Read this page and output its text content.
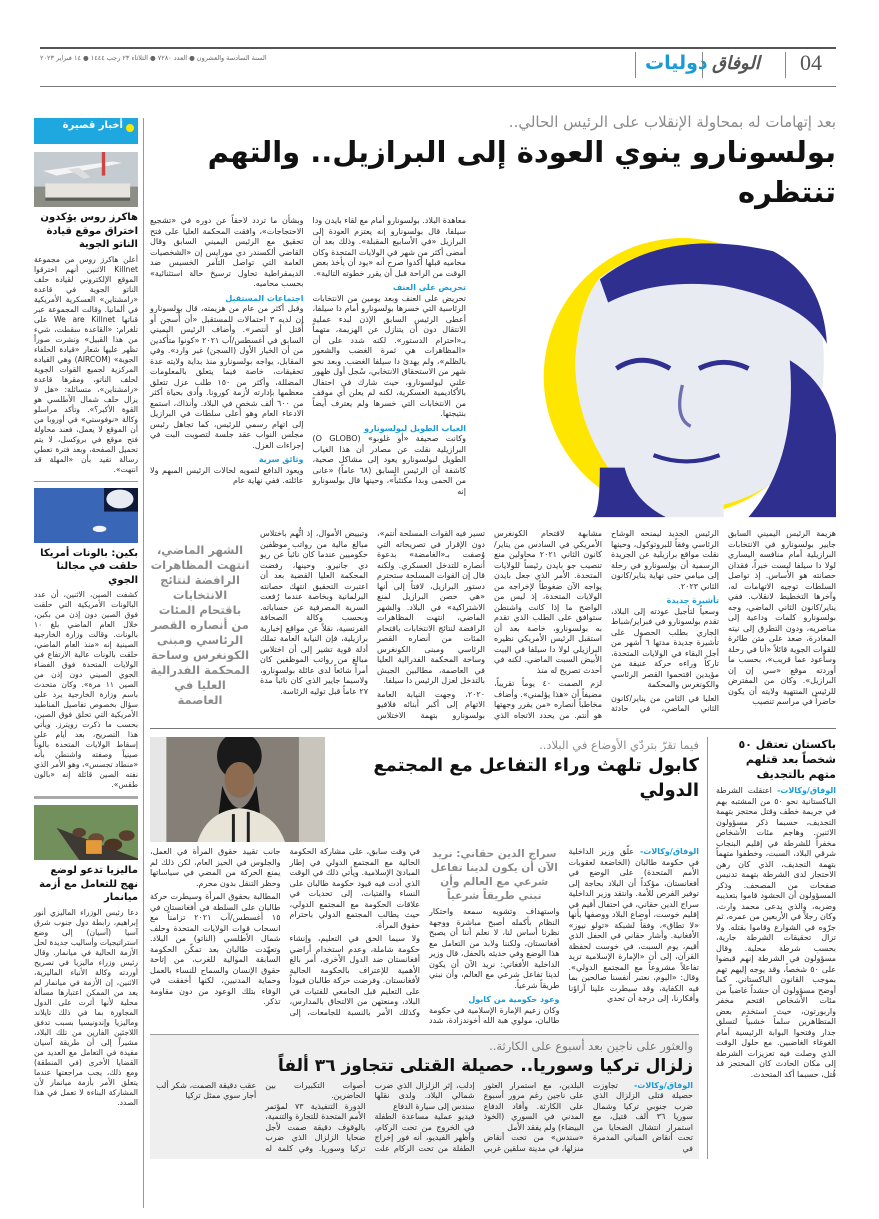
04
الوفاق
دوليات
السنة السادسة والعشرون ● العدد ٧٢٨٠ ● الثلاثاء ٢٣ رجب ١٤٤٤ ● ١٤ فبراير ٢٠٢٣
أخبار قصيرة
هاكرز روس يؤكدون اختراق موقع قيادة الناتو الجوية
أعلن هاكرز روس من مجموعة Killnet الاثنين أنهم اخترقوا الموقع الإلكتروني لقيادة حلف الناتو الجوية في قاعدة «رامشتاين» العسكرية الأمريكية في ألمانيا. وقالت المجموعة عبر قناتها We are Killnet على تلغرام: «القاعدة سقطت، شيء من هذا القبيل» ونشرت صوراً تظهر عليها شعار «قيادة الحلفاء الجوية» (AIRCOM) وهي القيادة المركزية لجميع القوات الجوية لحلف الناتو، ومقرها قاعدة «رامشتاين»، متسائلة: «هل لا يزال حلف شمال الأطلسي هو القوة الأكبر؟». وتأكد مراسلو وكالة «نوفوستي» في أوروبا من أن الموقع لا يعمل، فعند محاولة فتح موقع في بروكسل، لا يتم تحميل الصفحة، وبعد فترة تعطي رسالة تفيد بأن «المهلة قد انتهت».
بكين: بالونات أمريكا حلقت في مجالنا الجوي
كشفت الصين، الاثنين، أن عدد البالونات الأمريكية التي حلقت فوق الصين دون إذن من بكين، خلال العام الماضي بلغ ١٠ بالونات. وقالت وزارة الخارجية الصينية إنه «منذ العام الماضي، حلقت بالونات عالية الارتفاع في الولايات المتحدة فوق الفضاء الجوي الصيني دون إذن من الصين ١١ مرة». وكان متحدث باسم وزارة الخارجية يرد على سؤال بخصوص تفاصيل المناطيد الأمريكية التي تحلق فوق الصين، بحسب ما ذكرت رويترز. ويأتي هذا التصريح، بعد أيام على إسقاط الولايات المتحدة بالوناً صينياً وصفته واشنطن بأنه «منطاد تجسس»، وهو الأمر الذي نفته الصين قائلة إنه «بالون طقس».
ماليزيا تدعو لوضع نهج للتعامل مع أزمة ميانمار
دعا رئيس الوزراء الماليزي أنور إبراهيم، رابطة دول جنوب شرق آسيا (آسيان) إلى وضع استراتيجيات وأساليب جديدة لحل الأزمة الحالية في ميانمار. وقال رئيس وزراء ماليزيا في تصريح أوردته وكالة الأنباء الماليزية، الاثنين، إن الأزمة في ميانمار لم يعد من الممكن اعتبارها مسألة محلية لأنها أثرت على الدول المجاورة بما في ذلك تايلاند وماليزيا وإندونيسيا بسبب تدفق اللاجئين الفارين من تلك البلاد، مشيراً إلى أن طريقة آسيان مفيدة في التعامل مع العديد من القضايا الأخرى (في المنطقة) ومع ذلك، يجب مراجعتها عندما يتعلق الأمر بأزمة ميانمار لأن المشاركة البناءة لا تعمل في هذا الصدد.
بعد إتهامات له بمحاولة الإنقلاب على الرئيس الحالي..
بولسونارو ينوي العودة إلى البرازيل.. والتهم تنتظره
معاهدة البلاد. بولسونارو أمام مع لقاء بايدن ودا سيلفا، قال بولسونارو إنه يعتزم العودة إلى البرازيل «في الأسابيع المقبلة». وذلك بعد أن أمضى أكثر من شهر في الولايات المتحدة وكان محاميه قبلها أكدوا صرح أنه «يود أن يأخذ بعض الوقت من الراحة قبل أن يقرر خطوته التالية».
تحريض على العنف
تحريض على العنف وبعد يومين من الانتخابات الرئاسية التي خسرها بولسونارو أمام دا سيلفا، أعطى الرئيس السابق الإذن لبدء عملية الانتقال دون أن يتنازل عن الهزيمة، متهماً بـ«احترام الدستور». لكنه شدد على أن «المظاهرات هي ثمرة الغضب والشعور بالظلم»، ولم يهدئ دا سيلفا الغضب. وبعد نحو شهر من الاستحقاق الانتخابي، سُجل أول ظهور علني لبولسونارو، حيث شارك في احتفال بالأكاديمية العسكرية، لكنه لم يعلن أي موقف من الانتخابات التي خسرها ولم يعترف أيضاً بنتيجتها.
الغياب الطويل لبولسونارو
وكانت صحيفة «أو غلوبو» (O GLOBO) البرازيلية نقلت عن مصادر أن هذا الغياب الطويل لبولسونارو يعود إلى مشاكل صحية، كاشفة أن الرئيس السابق (٦٨ عاماً) «عانى من الحمى وبدا مكتئباً»، وحينها قال بولسونارو إنه
وبشأن ما تردد لاحقاً عن دوره في «تشجيع الاحتجاجات»، وافقت المحكمة العليا على فتح تحقيق مع الرئيس اليميني السابق وقال القاضي ألكسندر دي مورايس إن «الشخصيات العامة التي تواصل التآمر الخسيس ضد الديمقراطية تحاول ترسيخ حالة استثنائية» بحسب محاميه.
اجتماعات المستقبل
وقبل أكثر من عام من هزيمته، قال بولسونارو إن لديه ٣ احتمالات للمستقبل «أن أُسجن أو أُقتل أو أنتصر». وأضاف الرئيس اليميني السابق في أغسطس/آب ٢٠٢١ «كونوا متأكدين من أن الخيار الأول (السجن) غير وارد». وفي المقابل، يواجه بولسونارو منذ بداية ولايته عدة تحقيقات، خاصة فيما يتعلق بالمعلومات المضللة، وأكثر من ١٥٠ طلب عزل تتعلق معظمها بإدارته لأزمة كورونا. وأدى بحياة أكثر من ٦٠٠ ألف شخص في البلاد. وأنذاك، استمع الادعاء العام وهو أعلى سلطات في البرازيل إلى اتهام رسمي للرئيس، كما تجاهل رئيس مجلس النواب عقد جلسة لتصويت البت في إجراءات العزل.
وثائق سرية
ويعود الدافع لتمويه لحالات الرئيس المبهم ولا عائلته. ففي نهاية عام
هزيمة الرئيس اليميني السابق جايير بولسونارو في الانتخابات البرازيلية أمام منافسه اليساري لولا دا سيلفا ليست خبراً، فقدان حصانته هو الأساس. إذ تواصل السلطات توجيه الاتهامات له، وآخرها التخطيط لانقلاب. ففي يناير/كانون الثاني الماضي، وجه بولسونارو كلمات وداعية إلى مناصريه، ودون التطرق إلى نيته المغادرة، صعد على متن طائرة للقوات الجوية قائلاً «أنا في رحلة وسأعود عما قريب»، بحسب ما أوردته موقع «سي إن إن البرازيل». وكان من المفترض للرئيس المنتهية ولايته أن يكون حاضراً في مراسم تنصيب
الرئيس الجديد ليمنحه الوشاح الرئاسي وفقاً للبروتوكول، وحينها نقلت مواقع برازيلية عن الجريدة الرسمية أن بولسونارو في رحلة إلى ميامي حتى نهاية يناير/كانون الثاني ٢٠٢٣.
تأشيرة جديدة
وسعياً لتأجيل عودته إلى البلاد، تقدم بولسونارو في فبراير/شباط الجاري بطلب الحصول على تأشيرة جديدة مدتها ٦ أشهر من أجل البقاء في الولايات المتحدة، تاركاً وراءه حركة عنيفة من مؤيدين اقتحموا القصر الرئاسي والكونغرس والمحكمة
العليا في الثامن من يناير/كانون الثاني الماضي، في حادثة مشابهة لاقتحام الكونغرس الأمريكي في السادس من يناير/كانون الثاني ٢٠٢١ محاولين منع تنصيب جو بايدن رئيساً للولايات المتحدة. الأمر الذي جعل بايدن يواجه الآن ضغوطاً لإخراجه من الولايات المتحدة، إذ ليس من الواضح ما إذا كانت واشنطن ستوافق على الطلب الذي تقدم به بولسونارو، خاصة بعد أن استقبل الرئيس الأمريكي نظيره البرازيلي لولا دا سيلفا في البيت الأبيض السبت الماضي. لكنه في أحدث تصريح له منذ
لزم الصمت ٤٠ يوماً تقريباً، مضيفاً أن «هذا يؤلمني». وأضاف مخاطباً أنصاره «من يقرر وجهتها هو أنتم. من يحدد الاتجاه الذي تسير فيه القوات المسلحة أنتم»، دون الإقرار في تصريحاته التي وُصفت بـ«الغامضة» بدعوة أنصاره للتدخل العسكري. ولكنه قال إن القوات المسلحة ستحترم دستور البرازيل، لافتاً إلى أنها «هي حصن البرازيل لمنع الاشتراكية» في البلاد. والشهر الماضي، انتهت المظاهرات الرافضة لنتائج الانتخابات باقتحام المئات من أنصاره القصر الرئاسي ومبنى الكونغرس وساحة المحكمة الفدرالية العليا في العاصمة، مطالبين الجيش بالتدخل لعزل الرئيس دا سيلفا.
٢٠٢٠، وجهت النيابة العامة الاتهام إلى أكبر أبنائه فلافيو بولسونارو بتهمة الاختلاس وتبييض الأموال، إذ اتُّهم باختلاس مبالغ مالية من رواتب موظفين حكوميين عندما كان نائباً عن ريو دي جانيرو. وحينها، رفضت المحكمة العليا القضية بعد أن اعتبرت التحقيق انتهك حصانته البرلمانية وبخاصة عندما رُفعت السرية المصرفية عن حساباته. وبحسب وكالة الصحافة الفرنسية، نقلاً عن مواقع إخبارية برازيلية، فإن النيابة العامة تملك أدلة قوية تشير إلى أن اختلاس مبالغ من رواتب الموظفين كان أمراً شائعاً لدى عائلة بولسونارو، ولاسيما جايير الذي كان نائباً مدة ٢٧ عاماً قبل توليه الرئاسة.
الشهر الماضي، انتهت المظاهرات الرافضة لنتائج الانتخابات باقتحام المئات من أنصاره القصر الرئاسي ومبنى الكونغرس وساحة المحكمة الفدرالية العليا في العاصمة
باكستان تعتقل ٥٠ شخصاً بعد قتلهم متهم بالتجديف
الوفاق/وكالات- اعتقلت الشرطة الباكستانية نحو ٥٠ من المشتبه بهم في جريمة خطف وقتل محتجز بتهمة التجديف، حسبما ذكر مسؤولون الاثنين. وهاجم مئات الأشخاص مخفراً للشرطة في إقليم البنجاب شرقي البلاد، السبت، وخطفوا متهماً بتهمة التجديف، الذي كان رهن الاحتجاز لدى الشرطة بتهمة تدنيس صفحات من المصحف. وذكر المسؤولون أن الحشود قاموا بتعذيبه وضربه، والذي يدعى محمد وارث، وكان رجلاً في الأربعين من عمره، ثم جرّوه في الشوارع وقاموا بقتله. ولا تزال تحقيقات الشرطة جارية، بحسب شرطة محلية. وقال مسؤولون في الشرطة إنهم قبضوا على ٥٠ شخصاً، وقد يوجه إليهم تهم بموجب القانون الباكستاني. كما أوضح مسؤولون أن حشداً غاضباً من مئات الأشخاص اقتحم مخفر واربورتون، حيث استخدم بعض المتظاهرين سلماً خشبياً لتسلق جدار وفتحوا البوابة الرئيسية أمام الغوغاء الغاضبين. مع حلول الوقت الذي وصلت فيه تعزيزات الشرطة إلى مكان الحادث كان المحتجز قد قُتل، حسبما أكد المتحدث.
فيما تقرّ بتردّي الأوضاع في البلاد..
كابول تلهث وراء التفاعل مع المجتمع الدولي
الوفاق/وكالات- علّق وزير الداخلية في حكومة طالبان (الخاضعة لعقوبات الأمم المتحدة) على الوضع في أفغانستان، مؤكداً أن البلاد بحاجة إلى توفير الفرص للأمة. وانتقد وزير الداخلية سراج الدين حقاني، في احتفال أقيم في إقليم خوست، أوضاع البلاد ووصفها بأنها «لا تطاق»، وفقاً لشبكة «تولو نيوز» الأفغانية. وأشار حقاني في الحفل الذي أقيم، يوم السبت، في خوست لحفظة القرآن، إلى أن «الإمارة الإسلامية تريد تفاعلاً مشروعاً مع المجتمع الدولي». وقال: «اليوم، نعتبر أنفسنا صالحين بما فيه الكفاية، وقد سيطرت علينا آراؤنا وأفكارنا، إلى درجة أن تحدي
سراج الدين حقاني: نريد الآن أن يكون لدينا تفاعل شرعي مع العالم وأن نبني طريقاً شرعياً
واستهداف وتشويه سمعة واحتكار النظام بأكمله أصبح مباشرة ووجهة نظرنا أساس لنا، لا نعلم أننا أن يصبح أفغانستان، ولكننا ولابد من التعامل مع هذا الوضع وفي حديثه بالحفل، قال وزير الداخلية الأفغاني: نريد الآن أن يكون لدينا تفاعل شرعي مع العالم، وأن نبني طريقاً شرعياً.
وعود حكومية من كابول
وكان زعيم الإمارة الإسلامية في حكومة طالبان، مولوي هبة الله أخوندزادة، شدد في وقت سابق، على مشاركة الحكومة الحالية مع المجتمع الدولي في إطار المبادئ الإسلامية. ويأتي ذلك في الوقت الذي أدت فيه قيود حكومة طالبان على النساء والفتيات، إلى تحديات في علاقات الحكومة مع المجتمع الدولي، حيث يطالب المجتمع الدولي باحترام حقوق المرأة.
ولا سيما الحق في التعليم، وإنشاء حكومة شاملة، وعدم استخدام أراضي أفغانستان ضد الدول الأخرى، أمر بالغ الأهمية للإعتراف بالحكومة الحالية لأفغانستان. وفرضت حركة طالبان قيوداً على التعليم قبل الجامعي للفتيات في البلاد، ومنعتهن من الالتحاق بالمدارس، وكذلك الأمر بالنسبة للجامعات، إلى جانب تقييد حقوق المرأة في العمل، والجلوس في الحيز العام، لكن ذلك لم يمنع الحركة من المضي في سياساتها وحظر التنقل بدون محرم.
المطالبة بحقوق المرأة وسيطرت حركة طالبان على السلطة في أفغانستان في ١٥ أغسطس/آب ٢٠٢١ تزامناً مع انسحاب قوات الولايات المتحدة وحلف شمال الأطلسي (الناتو) من البلاد. وتعهّدت طالبان بعد تمكّن الحكومة السابقة الموالية للغرب، من إتاحة حقوق الإنسان والسماح للنساء بالعمل وحماية المدنيين، لكنها أخفقت في الوفاء بتلك الوعود من دون مقاومة تذكر.
والعثور على ناجين بعد أسبوع على الكارثة..
زلزال تركيا وسوريا.. حصيلة القتلى تتجاوز ٣٦ ألفاً
الوفاق/وكالات- تجاوزت حصيلة قتلى الزلزال الذي ضرب جنوبي تركيا وشمال سوريا ٣٦ ألف قتيل، مع استمرار انتشال الضحايا من تحت أنقاض المباني المدمرة في
البلدين، مع استمرار العثور على ناجين رغم مرور أسبوع على الكارثة. وأفاد الدفاع المدني في السوري (الخوذ البيضاء) ولم يفقد الأمل
«سندس» من تحت أنقاض منزلها، في مدينة سلقين غربي إدلب، إثر الزلزال الذي ضرب شمالي البلاد. ولدى نقلها سندس إلى سيارة الدفاع
فيديو عملية مساعدة الطفلة في الخروج من تحت الركام، وأظهر الفيديو، أنه فور إخراج الطفلة من تحت الركام علت أصوات التكبيرات بين الحاضرين.
الدورة التنفيذية ٧٣ لمؤتمر الأمم المتحدة للتجارة والتنمية، بالوقوف دقيقة صمت لأجل ضحايا الزلزال الذي ضرب تركيا وسوريا. وفي كلمة له عقب دقيقة الصمت، شكر ألب أجار سوي ممثل تركيا
